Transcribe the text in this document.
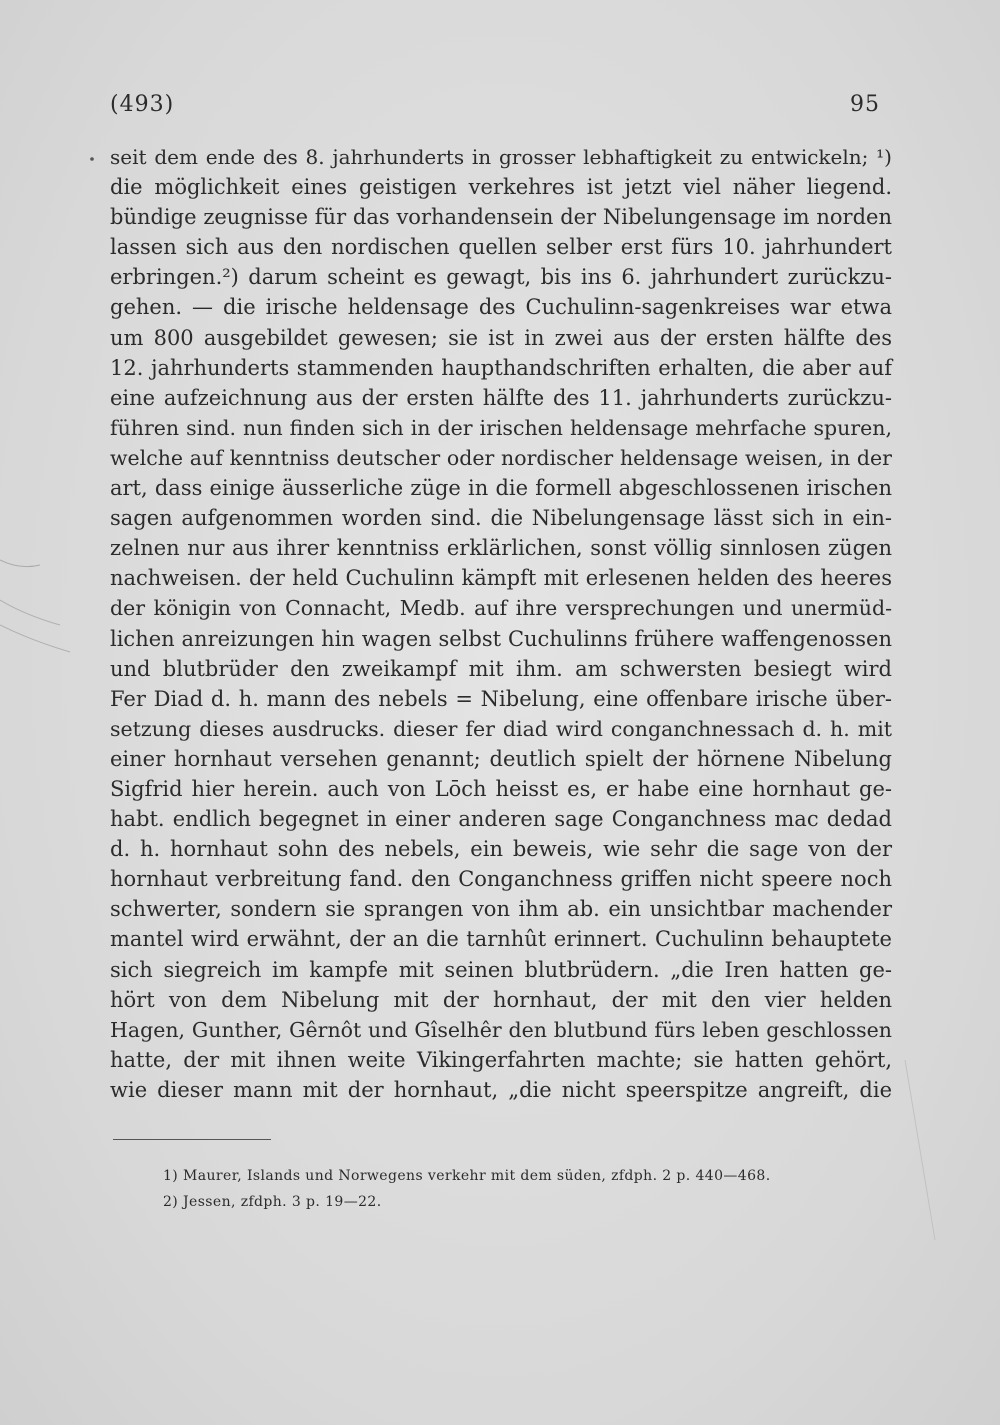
(493)	95
seit dem ende des 8. jahrhunderts in grosser lebhaftigkeit zu entwickeln; ¹)
die möglichkeit eines geistigen verkehres ist jetzt viel näher liegend.
bündige zeugnisse für das vorhandensein der Nibelungensage im norden
lassen sich aus den nordischen quellen selber erst fürs 10. jahrhundert
erbringen.²) darum scheint es gewagt, bis ins 6. jahrhundert zurückzu-
gehen. — die irische heldensage des Cuchulinn-sagenkreises war etwa
um 800 ausgebildet gewesen; sie ist in zwei aus der ersten hälfte des
12. jahrhunderts stammenden haupthandschriften erhalten, die aber auf
eine aufzeichnung aus der ersten hälfte des 11. jahrhunderts zurückzu-
führen sind. nun finden sich in der irischen heldensage mehrfache spuren,
welche auf kenntniss deutscher oder nordischer heldensage weisen, in der
art, dass einige äusserliche züge in die formell abgeschlossenen irischen
sagen aufgenommen worden sind. die Nibelungensage lässt sich in ein-
zelnen nur aus ihrer kenntniss erklärlichen, sonst völlig sinnlosen zügen
nachweisen. der held Cuchulinn kämpft mit erlesenen helden des heeres
der königin von Connacht, Medb. auf ihre versprechungen und unermüd-
lichen anreizungen hin wagen selbst Cuchulinns frühere waffengenossen
und blutbrüder den zweikampf mit ihm. am schwersten besiegt wird
Fer Diad d. h. mann des nebels = Nibelung, eine offenbare irische über-
setzung dieses ausdrucks. dieser fer diad wird conganchnessach d. h. mit
einer hornhaut versehen genannt; deutlich spielt der hörnene Nibelung
Sigfrid hier herein. auch von Lōch heisst es, er habe eine hornhaut ge-
habt. endlich begegnet in einer anderen sage Conganchness mac dedad
d. h. hornhaut sohn des nebels, ein beweis, wie sehr die sage von der
hornhaut verbreitung fand. den Conganchness griffen nicht speere noch
schwerter, sondern sie sprangen von ihm ab. ein unsichtbar machender
mantel wird erwähnt, der an die tarnhût erinnert. Cuchulinn behauptete
sich siegreich im kampfe mit seinen blutbrüdern. „die Iren hatten ge-
hört von dem Nibelung mit der hornhaut, der mit den vier helden
Hagen, Gunther, Gêrnôt und Gîselhêr den blutbund fürs leben geschlossen
hatte, der mit ihnen weite Vikingerfahrten machte; sie hatten gehört,
wie dieser mann mit der hornhaut, „die nicht speerspitze angreift, die
1) Maurer, Islands und Norwegens verkehr mit dem süden, zfdph. 2 p. 440—468.
2) Jessen, zfdph. 3 p. 19—22.
